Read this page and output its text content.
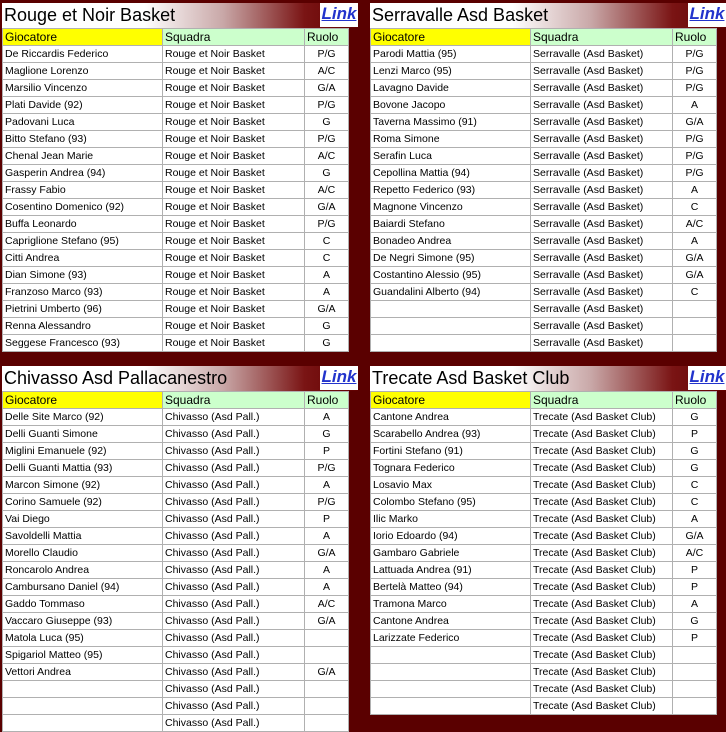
Rouge et Noir Basket	Link
Giocatore	Squadra	Ruolo
De Riccardis Federico	Rouge et Noir Basket	P/G
Maglione Lorenzo	Rouge et Noir Basket	A/C
Marsilio Vincenzo	Rouge et Noir Basket	G/A
Plati Davide (92)	Rouge et Noir Basket	P/G
Padovani Luca	Rouge et Noir Basket	G
Bitto Stefano (93)	Rouge et Noir Basket	P/G
Chenal Jean Marie	Rouge et Noir Basket	A/C
Gasperin Andrea (94)	Rouge et Noir Basket	G
Frassy Fabio	Rouge et Noir Basket	A/C
Cosentino Domenico (92)	Rouge et Noir Basket	G/A
Buffa Leonardo	Rouge et Noir Basket	P/G
Capriglione Stefano (95)	Rouge et Noir Basket	C
Citti Andrea	Rouge et Noir Basket	C
Dian Simone (93)	Rouge et Noir Basket	A
Franzoso Marco (93)	Rouge et Noir Basket	A
Pietrini Umberto (96)	Rouge et Noir Basket	G/A
Renna Alessandro	Rouge et Noir Basket	G
Seggese Francesco (93)	Rouge et Noir Basket	G
Serravalle Asd Basket	Link
Giocatore	Squadra	Ruolo
Parodi Mattia (95)	Serravalle (Asd Basket)	P/G
Lenzi Marco (95)	Serravalle (Asd Basket)	P/G
Lavagno Davide	Serravalle (Asd Basket)	P/G
Bovone Jacopo	Serravalle (Asd Basket)	A
Taverna Massimo (91)	Serravalle (Asd Basket)	G/A
Roma Simone	Serravalle (Asd Basket)	P/G
Serafin Luca	Serravalle (Asd Basket)	P/G
Cepollina Mattia (94)	Serravalle (Asd Basket)	P/G
Repetto Federico (93)	Serravalle (Asd Basket)	A
Magnone Vincenzo	Serravalle (Asd Basket)	C
Baiardi Stefano	Serravalle (Asd Basket)	A/C
Bonadeo Andrea	Serravalle (Asd Basket)	A
De Negri Simone (95)	Serravalle (Asd Basket)	G/A
Costantino Alessio (95)	Serravalle (Asd Basket)	G/A
Guandalini Alberto (94)	Serravalle (Asd Basket)	C
	Serravalle (Asd Basket)	
	Serravalle (Asd Basket)	
	Serravalle (Asd Basket)	
Chivasso Asd Pallacanestro	Link
Giocatore	Squadra	Ruolo
Delle Site Marco (92)	Chivasso (Asd Pall.)	A
Delli Guanti Simone	Chivasso (Asd Pall.)	G
Miglini Emanuele (92)	Chivasso (Asd Pall.)	P
Delli Guanti Mattia (93)	Chivasso (Asd Pall.)	P/G
Marcon Simone (92)	Chivasso (Asd Pall.)	A
Corino Samuele (92)	Chivasso (Asd Pall.)	P/G
Vai Diego	Chivasso (Asd Pall.)	P
Savoldelli Mattia	Chivasso (Asd Pall.)	A
Morello Claudio	Chivasso (Asd Pall.)	G/A
Roncarolo Andrea	Chivasso (Asd Pall.)	A
Cambursano Daniel (94)	Chivasso (Asd Pall.)	A
Gaddo Tommaso	Chivasso (Asd Pall.)	A/C
Vaccaro Giuseppe (93)	Chivasso (Asd Pall.)	G/A
Matola Luca (95)	Chivasso (Asd Pall.)	
Spigariol Matteo (95)	Chivasso (Asd Pall.)	
Vettori Andrea	Chivasso (Asd Pall.)	G/A
	Chivasso (Asd Pall.)	
	Chivasso (Asd Pall.)	
	Chivasso (Asd Pall.)	
Trecate Asd Basket Club	Link
Giocatore	Squadra	Ruolo
Cantone Andrea	Trecate (Asd Basket Club)	G
Scarabello Andrea (93)	Trecate (Asd Basket Club)	P
Fortini Stefano (91)	Trecate (Asd Basket Club)	G
Tognara Federico	Trecate (Asd Basket Club)	G
Losavio Max	Trecate (Asd Basket Club)	C
Colombo Stefano (95)	Trecate (Asd Basket Club)	C
Ilic Marko	Trecate (Asd Basket Club)	A
Iorio Edoardo (94)	Trecate (Asd Basket Club)	G/A
Gambaro Gabriele	Trecate (Asd Basket Club)	A/C
Lattuada Andrea (91)	Trecate (Asd Basket Club)	P
Bertelà Matteo (94)	Trecate (Asd Basket Club)	P
Tramona Marco	Trecate (Asd Basket Club)	A
Cantone Andrea	Trecate (Asd Basket Club)	G
Larizzate Federico	Trecate (Asd Basket Club)	P
	Trecate (Asd Basket Club)	
	Trecate (Asd Basket Club)	
	Trecate (Asd Basket Club)	
	Trecate (Asd Basket Club)	
